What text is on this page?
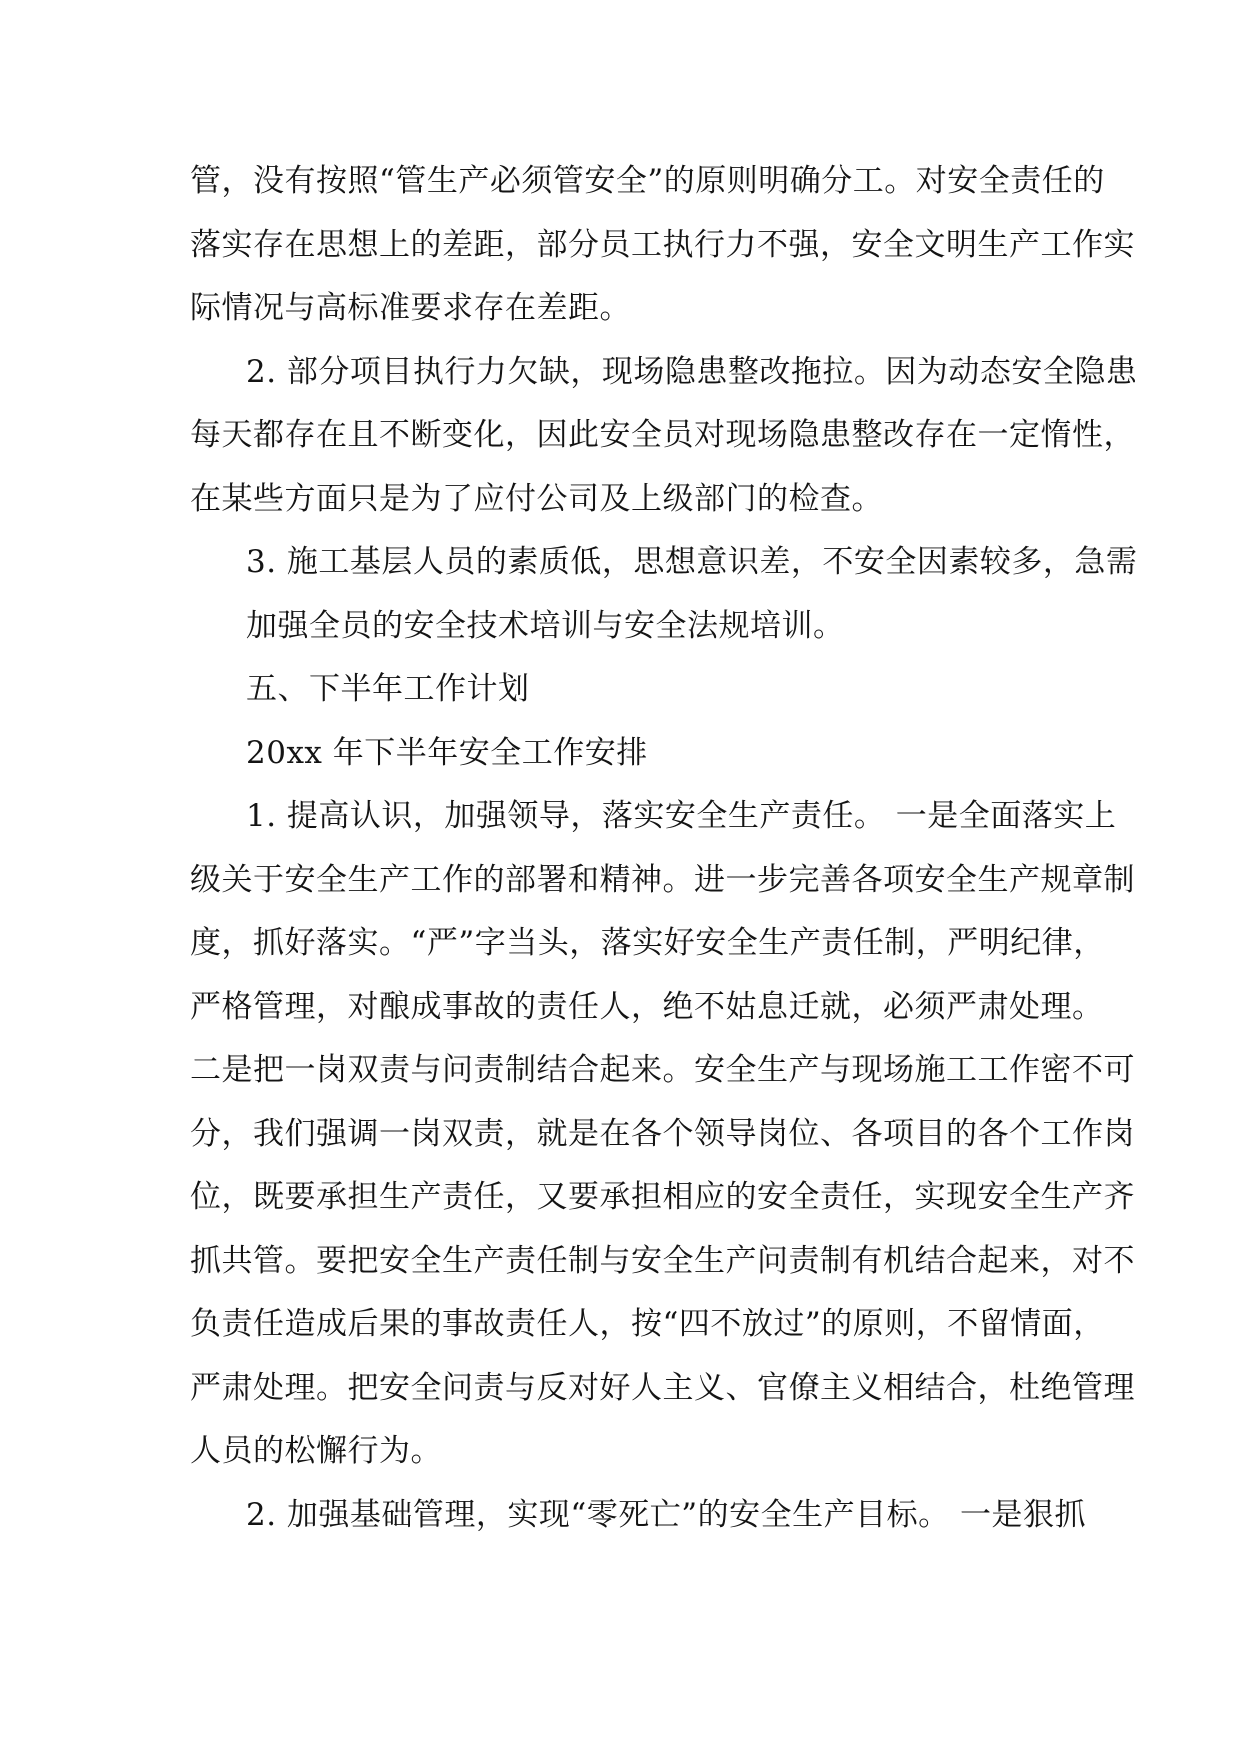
管，没有按照“管生产必须管安全”的原则明确分工。对安全责任的
落实存在思想上的差距，部分员工执行力不强，安全文明生产工作实
际情况与高标准要求存在差距。
2. 部分项目执行力欠缺，现场隐患整改拖拉。因为动态安全隐患
每天都存在且不断变化，因此安全员对现场隐患整改存在一定惰性，
在某些方面只是为了应付公司及上级部门的检查。
3. 施工基层人员的素质低，思想意识差，不安全因素较多，急需
加强全员的安全技术培训与安全法规培训。
五、下半年工作计划
20xx 年下半年安全工作安排
1. 提高认识，加强领导，落实安全生产责任。 一是全面落实上
级关于安全生产工作的部署和精神。进一步完善各项安全生产规章制
度，抓好落实。“严”字当头，落实好安全生产责任制，严明纪律，
严格管理，对酿成事故的责任人，绝不姑息迁就，必须严肃处理。
二是把一岗双责与问责制结合起来。安全生产与现场施工工作密不可
分，我们强调一岗双责，就是在各个领导岗位、各项目的各个工作岗
位，既要承担生产责任，又要承担相应的安全责任，实现安全生产齐
抓共管。要把安全生产责任制与安全生产问责制有机结合起来，对不
负责任造成后果的事故责任人，按“四不放过”的原则，不留情面，
严肃处理。把安全问责与反对好人主义、官僚主义相结合，杜绝管理
人员的松懈行为。
2. 加强基础管理，实现“零死亡”的安全生产目标。 一是狠抓
